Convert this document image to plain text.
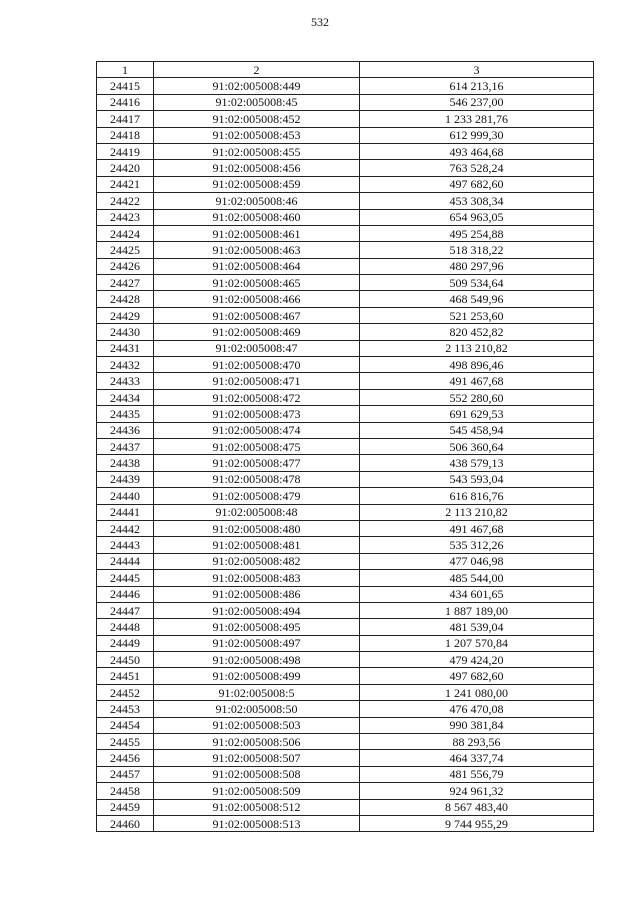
532
1	2	3
24415	91:02:005008:449	614 213,16
24416	91:02:005008:45	546 237,00
24417	91:02:005008:452	1 233 281,76
24418	91:02:005008:453	612 999,30
24419	91:02:005008:455	493 464,68
24420	91:02:005008:456	763 528,24
24421	91:02:005008:459	497 682,60
24422	91:02:005008:46	453 308,34
24423	91:02:005008:460	654 963,05
24424	91:02:005008:461	495 254,88
24425	91:02:005008:463	518 318,22
24426	91:02:005008:464	480 297,96
24427	91:02:005008:465	509 534,64
24428	91:02:005008:466	468 549,96
24429	91:02:005008:467	521 253,60
24430	91:02:005008:469	820 452,82
24431	91:02:005008:47	2 113 210,82
24432	91:02:005008:470	498 896,46
24433	91:02:005008:471	491 467,68
24434	91:02:005008:472	552 280,60
24435	91:02:005008:473	691 629,53
24436	91:02:005008:474	545 458,94
24437	91:02:005008:475	506 360,64
24438	91:02:005008:477	438 579,13
24439	91:02:005008:478	543 593,04
24440	91:02:005008:479	616 816,76
24441	91:02:005008:48	2 113 210,82
24442	91:02:005008:480	491 467,68
24443	91:02:005008:481	535 312,26
24444	91:02:005008:482	477 046,98
24445	91:02:005008:483	485 544,00
24446	91:02:005008:486	434 601,65
24447	91:02:005008:494	1 887 189,00
24448	91:02:005008:495	481 539,04
24449	91:02:005008:497	1 207 570,84
24450	91:02:005008:498	479 424,20
24451	91:02:005008:499	497 682,60
24452	91:02:005008:5	1 241 080,00
24453	91:02:005008:50	476 470,08
24454	91:02:005008:503	990 381,84
24455	91:02:005008:506	88 293,56
24456	91:02:005008:507	464 337,74
24457	91:02:005008:508	481 556,79
24458	91:02:005008:509	924 961,32
24459	91:02:005008:512	8 567 483,40
24460	91:02:005008:513	9 744 955,29
